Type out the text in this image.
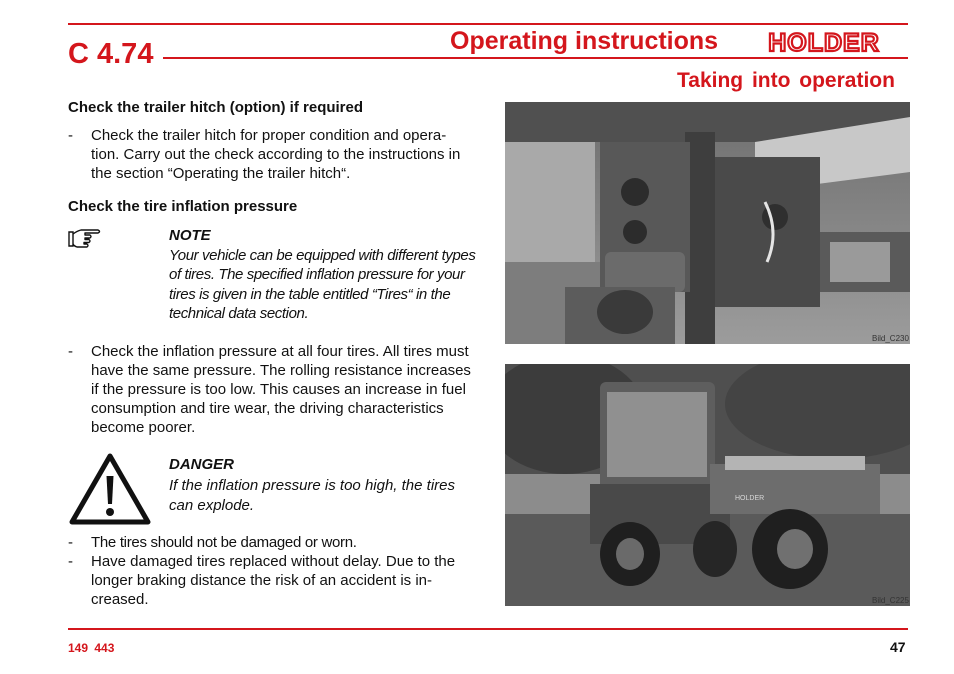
C 4.74	Operating instructions
Taking into operation
HOLDER
Check the trailer hitch (option) if required
- Check the trailer hitch for proper condition and opera-tion. Carry out the check according to the instructions in the section “Operating the trailer hitch“.
Check the tire inflation pressure
NOTE
Your vehicle can be equipped with different types of tires. The specified inflation pressure for your tires is given in the table entitled “Tires“ in the technical data section.
- Check the inflation pressure at all four tires. All tires must have the same pressure. The rolling resistance increases if the pressure is too low. This causes an increase in fuel consumption and tire wear, the driving characteristics become poorer.
DANGER
If the inflation pressure is too high, the tires can explode.
- The tires should not be damaged or worn.
- Have damaged tires replaced without delay. Due to the longer braking distance the risk of an accident is in-creased.
Bild_C230
HOLDER
Bild_C225
149 443	47
